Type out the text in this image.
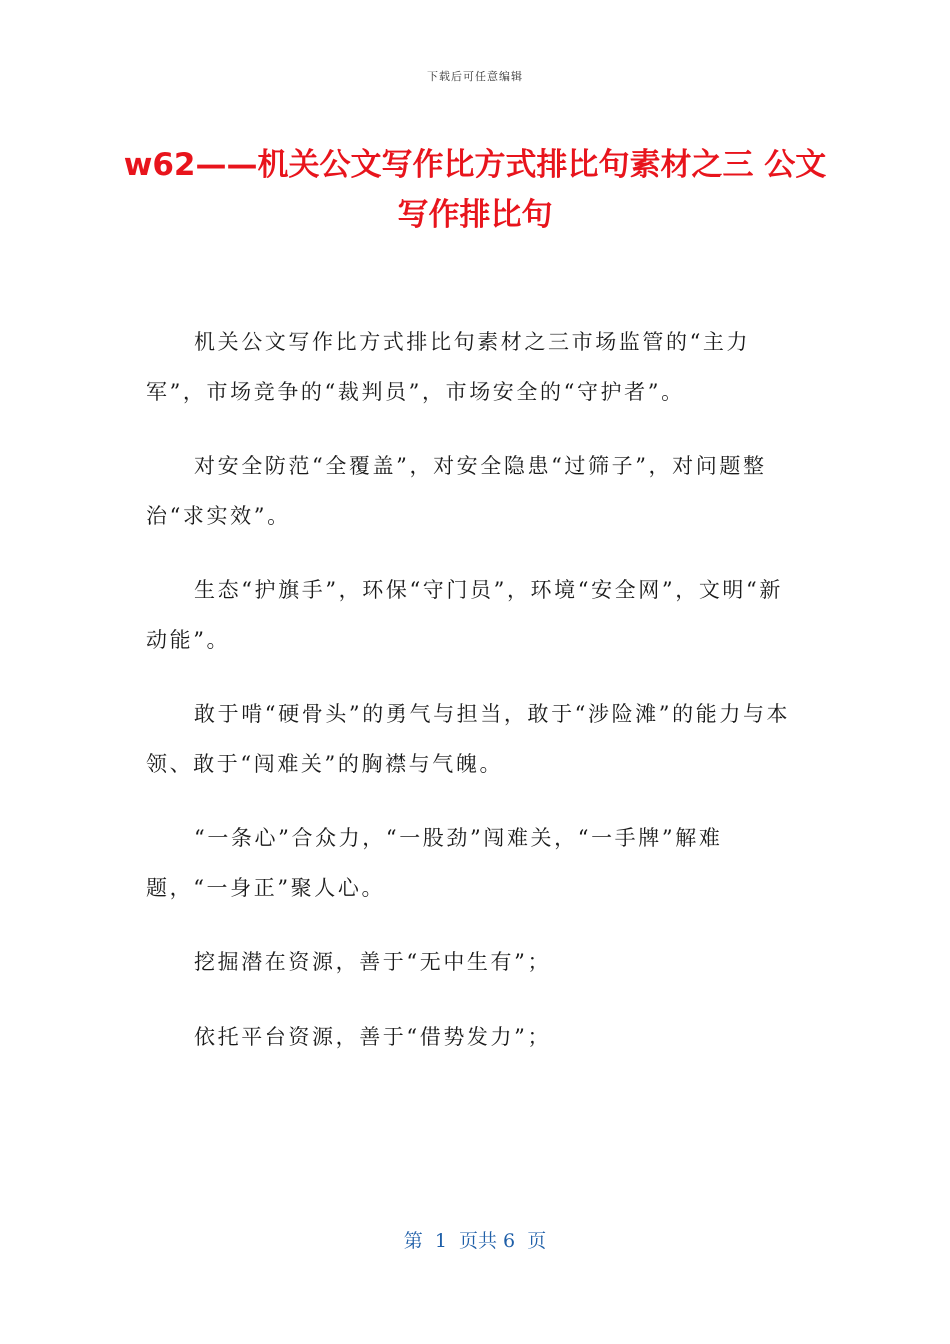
下载后可任意编辑
w62——机关公文写作比方式排比句素材之三 公文写作排比句

机关公文写作比方式排比句素材之三市场监管的“主力军”，市场竞争的“裁判员”，市场安全的“守护者”。

对安全防范“全覆盖”，对安全隐患“过筛子”，对问题整治“求实效”。

生态“护旗手”，环保“守门员”，环境“安全网”，文明“新动能”。

敢于啃“硬骨头”的勇气与担当，敢于“涉险滩”的能力与本领、敢于“闯难关”的胸襟与气魄。

“一条心”合众力，“一股劲”闯难关，“一手牌”解难题，“一身正”聚人心。

挖掘潜在资源，善于“无中生有”；

依托平台资源，善于“借势发力”；

第  1  页共 6  页
